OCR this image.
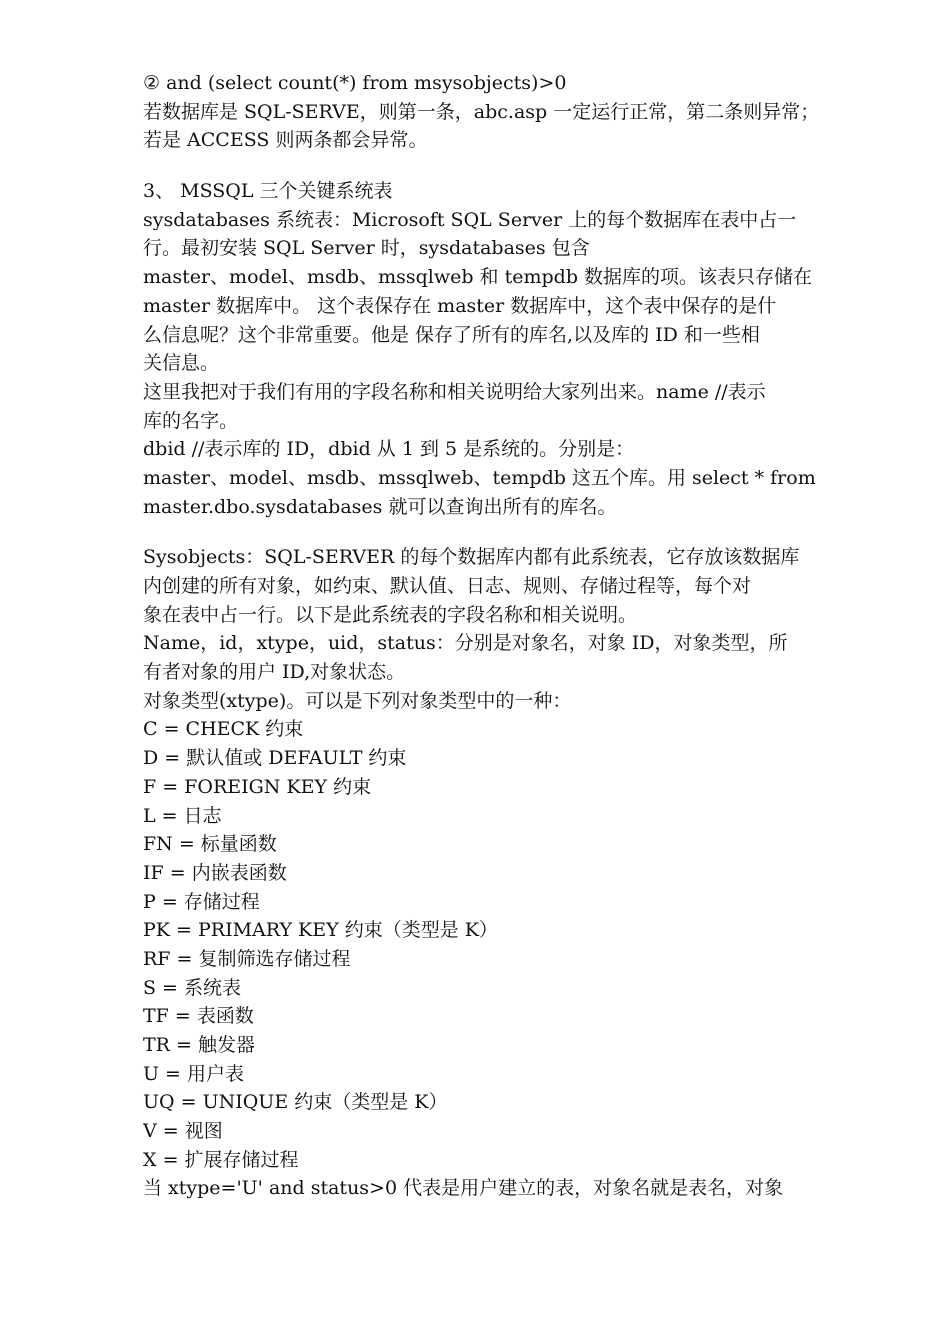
② and (select count(*) from msysobjects)>0
若数据库是 SQL-SERVE，则第一条，abc.asp 一定运行正常，第二条则异常；
若是 ACCESS 则两条都会异常。
3、 MSSQL 三个关键系统表
sysdatabases 系统表：Microsoft SQL Server 上的每个数据库在表中占一
行。最初安装 SQL Server 时，sysdatabases 包含
master、model、msdb、mssqlweb 和 tempdb 数据库的项。该表只存储在
master 数据库中。 这个表保存在 master 数据库中，这个表中保存的是什
么信息呢？这个非常重要。他是 保存了所有的库名,以及库的 ID 和一些相
关信息。
这里我把对于我们有用的字段名称和相关说明给大家列出来。name //表示
库的名字。
dbid //表示库的 ID，dbid 从 1 到 5 是系统的。分别是：
master、model、msdb、mssqlweb、tempdb 这五个库。用 select * from
master.dbo.sysdatabases 就可以查询出所有的库名。
Sysobjects：SQL-SERVER 的每个数据库内都有此系统表，它存放该数据库
内创建的所有对象，如约束、默认值、日志、规则、存储过程等，每个对
象在表中占一行。以下是此系统表的字段名称和相关说明。
Name，id，xtype，uid，status：分别是对象名，对象 ID，对象类型，所
有者对象的用户 ID,对象状态。
对象类型(xtype)。可以是下列对象类型中的一种：
C = CHECK 约束
D = 默认值或 DEFAULT 约束
F = FOREIGN KEY 约束
L = 日志
FN = 标量函数
IF = 内嵌表函数
P = 存储过程
PK = PRIMARY KEY 约束（类型是 K）
RF = 复制筛选存储过程
S = 系统表
TF = 表函数
TR = 触发器
U = 用户表
UQ = UNIQUE 约束（类型是 K）
V = 视图
X = 扩展存储过程
当 xtype='U' and status>0 代表是用户建立的表，对象名就是表名，对象
